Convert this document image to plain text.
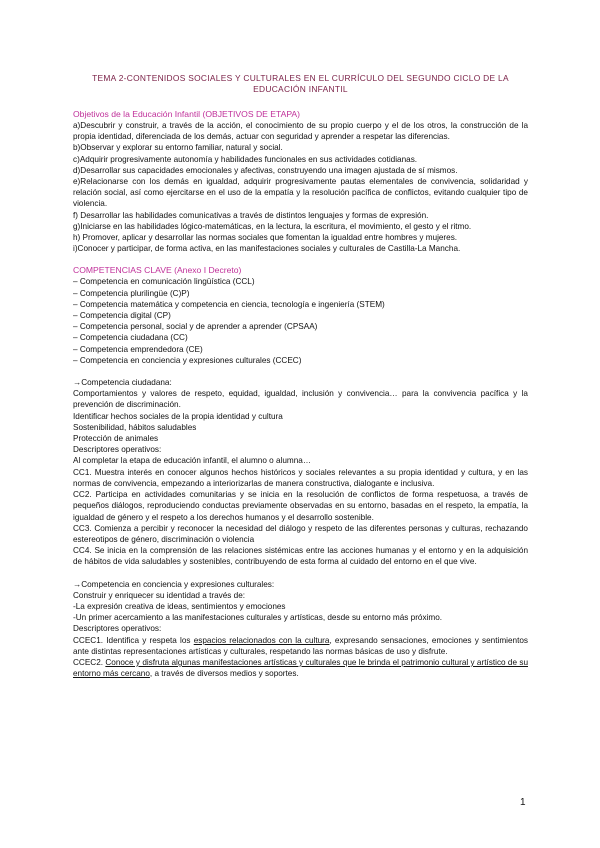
TEMA 2-CONTENIDOS SOCIALES Y CULTURALES EN EL CURRÍCULO DEL SEGUNDO CICLO DE LA EDUCACIÓN INFANTIL

Objetivos de la Educación Infantil (OBJETIVOS DE ETAPA)

a)Descubrir y construir, a través de la acción, el conocimiento de su propio cuerpo y el de los otros, la construcción de la propia identidad, diferenciada de los demás, actuar con seguridad y aprender a respetar las diferencias.

b)Observar y explorar su entorno familiar, natural y social.

c)Adquirir progresivamente autonomía y habilidades funcionales en sus actividades cotidianas.

d)Desarrollar sus capacidades emocionales y afectivas, construyendo una imagen ajustada de sí mismos.

e)Relacionarse con los demás en igualdad, adquirir progresivamente pautas elementales de convivencia, solidaridad y relación social, así como ejercitarse en el uso de la empatía y la resolución pacífica de conflictos, evitando cualquier tipo de violencia.

f) Desarrollar las habilidades comunicativas a través de distintos lenguajes y formas de expresión.

g)Iniciarse en las habilidades lógico-matemáticas, en la lectura, la escritura, el movimiento, el gesto y el ritmo.

h) Promover, aplicar y desarrollar las normas sociales que fomentan la igualdad entre hombres y mujeres.

i)Conocer y participar, de forma activa, en las manifestaciones sociales y culturales de Castilla-La Mancha.

COMPETENCIAS CLAVE (Anexo I Decreto)

– Competencia en comunicación lingüística (CCL)

– Competencia plurilingüe (C)P)

– Competencia matemática y competencia en ciencia, tecnología e ingeniería (STEM)

– Competencia digital (CP)

– Competencia personal, social y de aprender a aprender (CPSAA)

– Competencia ciudadana (CC)

– Competencia emprendedora (CE)

– Competencia en conciencia y expresiones culturales (CCEC)

→Competencia ciudadana:

Comportamientos y valores de respeto, equidad, igualdad, inclusión y convivencia… para la convivencia pacífica y la prevención de discriminación.

Identificar hechos sociales de la propia identidad y cultura

Sostenibilidad, hábitos saludables

Protección de animales

Descriptores operativos:

Al completar la etapa de educación infantil, el alumno o alumna…

CC1. Muestra interés en conocer algunos hechos históricos y sociales relevantes a su propia identidad y cultura, y en las normas de convivencia, empezando a interiorizarlas de manera constructiva, dialogante e inclusiva.

CC2. Participa en actividades comunitarias y se inicia en la resolución de conflictos de forma respetuosa, a través de pequeños diálogos, reproduciendo conductas previamente observadas en su entorno, basadas en el respeto, la empatía, la igualdad de género y el respeto a los derechos humanos y el desarrollo sostenible.

CC3. Comienza a percibir y reconocer la necesidad del diálogo y respeto de las diferentes personas y culturas, rechazando estereotipos de género, discriminación o violencia

CC4. Se inicia en la comprensión de las relaciones sistémicas entre las acciones humanas y el entorno y en la adquisición de hábitos de vida saludables y sostenibles, contribuyendo de esta forma al cuidado del entorno en el que vive.

→Competencia en conciencia y expresiones culturales:

Construir y enriquecer su identidad a través de:

-La expresión creativa de ideas, sentimientos y emociones

-Un primer acercamiento a las manifestaciones culturales y artísticas, desde su entorno más próximo.

Descriptores operativos:

CCEC1. Identifica y respeta los espacios relacionados con la cultura, expresando sensaciones, emociones y sentimientos ante distintas representaciones artísticas y culturales, respetando las normas básicas de uso y disfrute.

CCEC2. Conoce y disfruta algunas manifestaciones artísticas y culturales que le brinda el patrimonio cultural y artístico de su entorno más cercano, a través de diversos medios y soportes.

1
